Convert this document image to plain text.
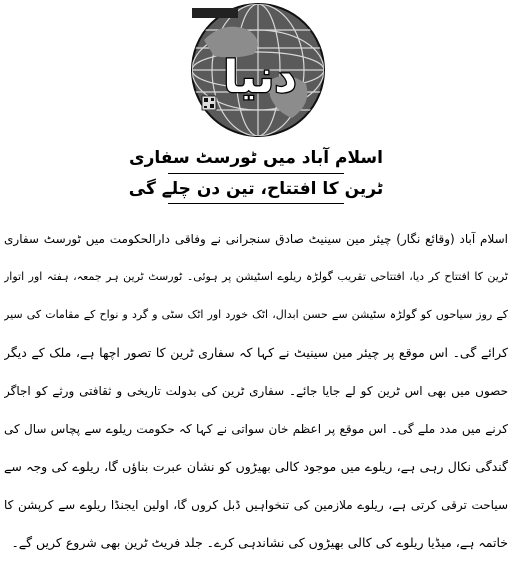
دنیا
اسلام آباد میں ٹورسٹ سفاری
ٹرین کا افتتاح، تین دن چلے گی
اسلام آباد (وقائع نگار) چیئر مین سینیٹ صادق سنجرانی نے وفاقی دارالحکومت میں ٹورسٹ سفاری
ٹرین کا افتتاح کر دیا، افتتاحی تقریب گولڑہ ریلوے اسٹیشن پر ہوئی۔ ٹورسٹ ٹرین ہر جمعہ، ہفتہ اور اتوار
کے روز سیاحوں کو گولڑہ سٹیشن سے حسن ابدال، اٹک خورد اور اٹک سٹی و گرد و نواح کے مقامات کی سیر
کرائے گی۔ اس موقع پر چیئر مین سینیٹ نے کہا کہ سفاری ٹرین کا تصور اچھا ہے، ملک کے دیگر
حصوں میں بھی اس ٹرین کو لے جایا جائے۔ سفاری ٹرین کی بدولت تاریخی و ثقافتی ورثے کو اجاگر
کرنے میں مدد ملے گی۔ اس موقع پر اعظم خان سواتی نے کہا کہ حکومت ریلوے سے پچاس سال کی
گندگی نکال رہی ہے، ریلوے میں موجود کالی بھیڑوں کو نشان عبرت بناؤں گا، ریلوے کی وجہ سے
سیاحت ترقی کرتی ہے، ریلوے ملازمین کی تنخواہیں ڈبل کروں گا، اولین ایجنڈا ریلوے سے کرپشن کا
خاتمہ ہے، میڈیا ریلوے کی کالی بھیڑوں کی نشاندہی کرے۔ جلد فریٹ ٹرین بھی شروع کریں گے۔
